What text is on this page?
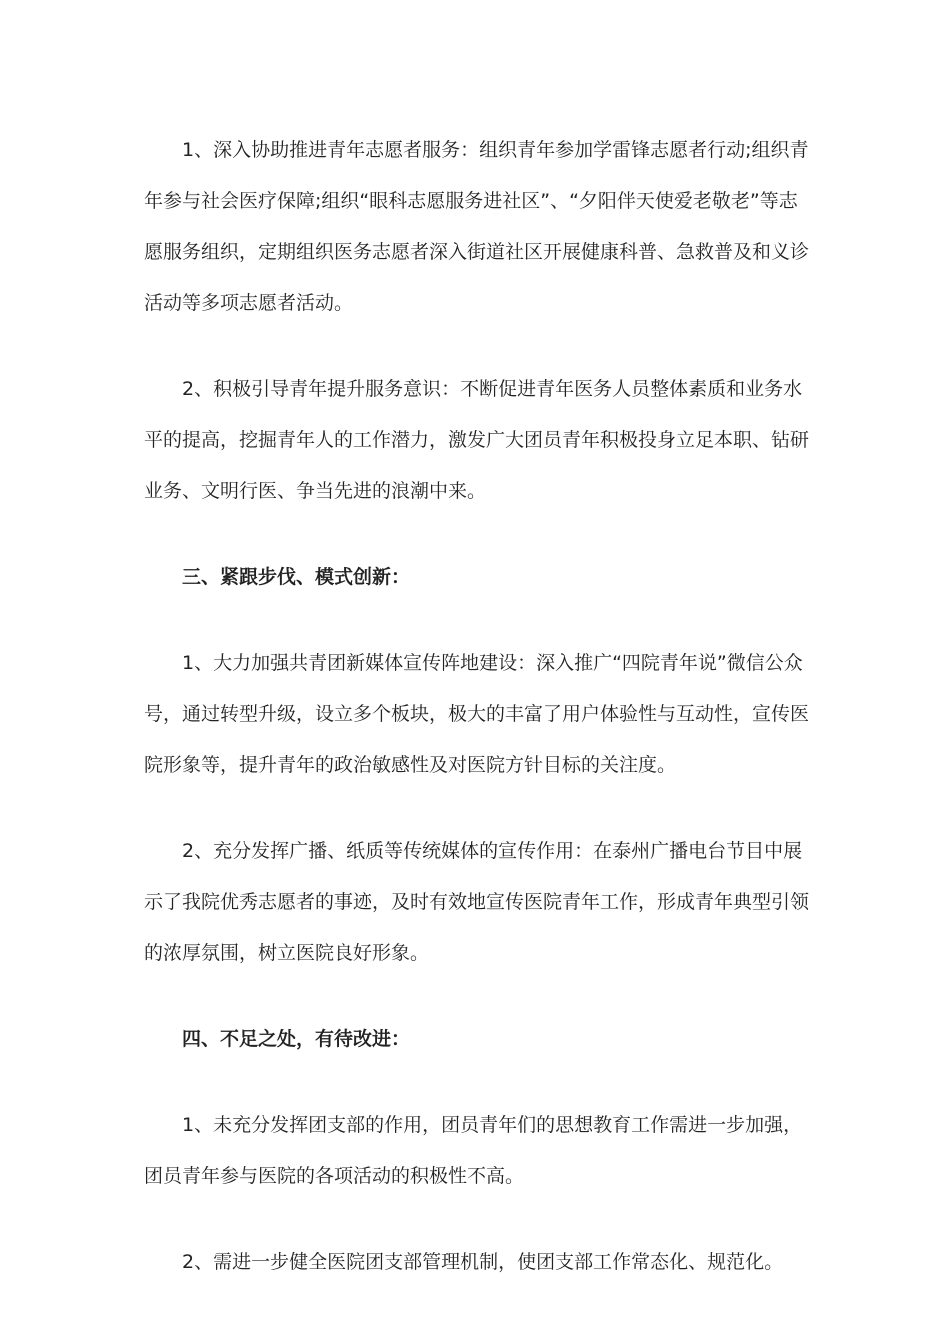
1、深入协助推进青年志愿者服务：组织青年参加学雷锋志愿者行动;组织青年参与社会医疗保障;组织“眼科志愿服务进社区”、“夕阳伴天使爱老敬老”等志愿服务组织，定期组织医务志愿者深入街道社区开展健康科普、急救普及和义诊活动等多项志愿者活动。

2、积极引导青年提升服务意识：不断促进青年医务人员整体素质和业务水平的提高，挖掘青年人的工作潜力，激发广大团员青年积极投身立足本职、钻研业务、文明行医、争当先进的浪潮中来。

三、紧跟步伐、模式创新：

1、大力加强共青团新媒体宣传阵地建设：深入推广“四院青年说”微信公众号，通过转型升级，设立多个板块，极大的丰富了用户体验性与互动性，宣传医院形象等，提升青年的政治敏感性及对医院方针目标的关注度。

2、充分发挥广播、纸质等传统媒体的宣传作用：在泰州广播电台节目中展示了我院优秀志愿者的事迹，及时有效地宣传医院青年工作，形成青年典型引领的浓厚氛围，树立医院良好形象。

四、不足之处，有待改进：

1、未充分发挥团支部的作用，团员青年们的思想教育工作需进一步加强，团员青年参与医院的各项活动的积极性不高。

2、需进一步健全医院团支部管理机制，使团支部工作常态化、规范化。
